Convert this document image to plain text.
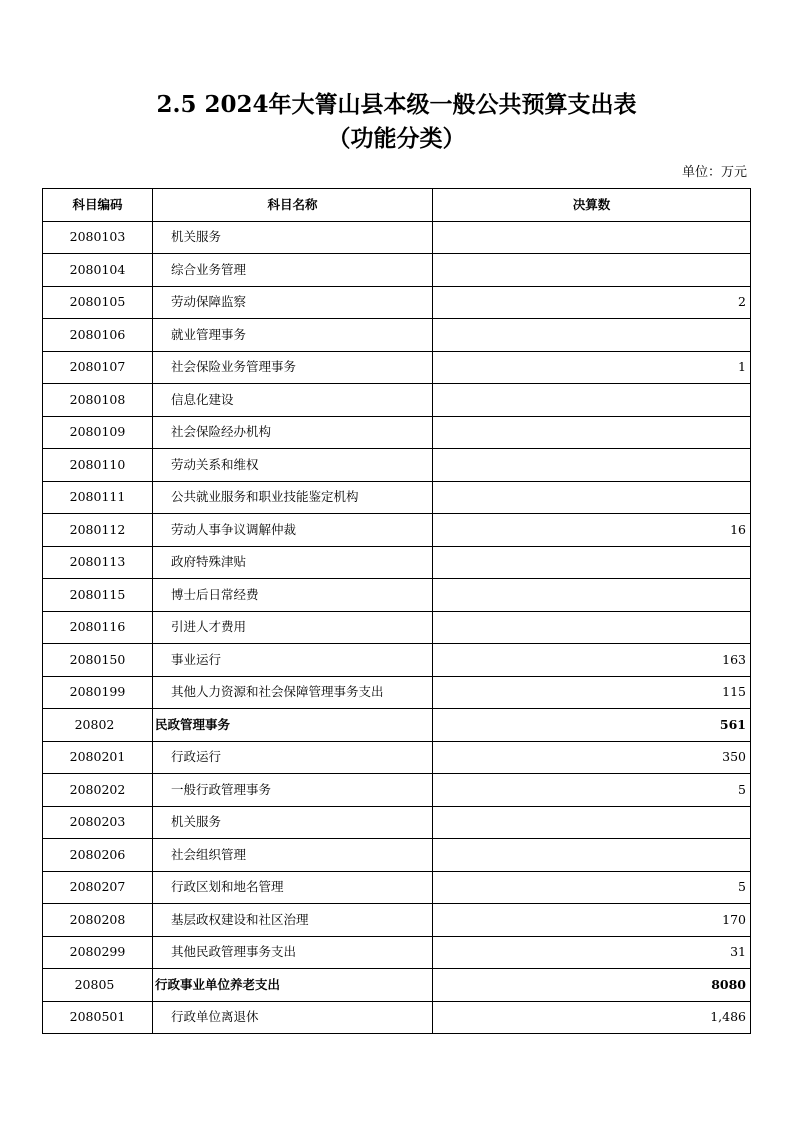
2.5 2024年大箐山县本级一般公共预算支出表
（功能分类）
单位：万元
科目编码	科目名称	决算数
2080103	机关服务	
2080104	综合业务管理	
2080105	劳动保障监察	2
2080106	就业管理事务	
2080107	社会保险业务管理事务	1
2080108	信息化建设	
2080109	社会保险经办机构	
2080110	劳动关系和维权	
2080111	公共就业服务和职业技能鉴定机构	
2080112	劳动人事争议调解仲裁	16
2080113	政府特殊津贴	
2080115	博士后日常经费	
2080116	引进人才费用	
2080150	事业运行	163
2080199	其他人力资源和社会保障管理事务支出	115
20802	民政管理事务	561
2080201	行政运行	350
2080202	一般行政管理事务	5
2080203	机关服务	
2080206	社会组织管理	
2080207	行政区划和地名管理	5
2080208	基层政权建设和社区治理	170
2080299	其他民政管理事务支出	31
20805	行政事业单位养老支出	8080
2080501	行政单位离退休	1,486
